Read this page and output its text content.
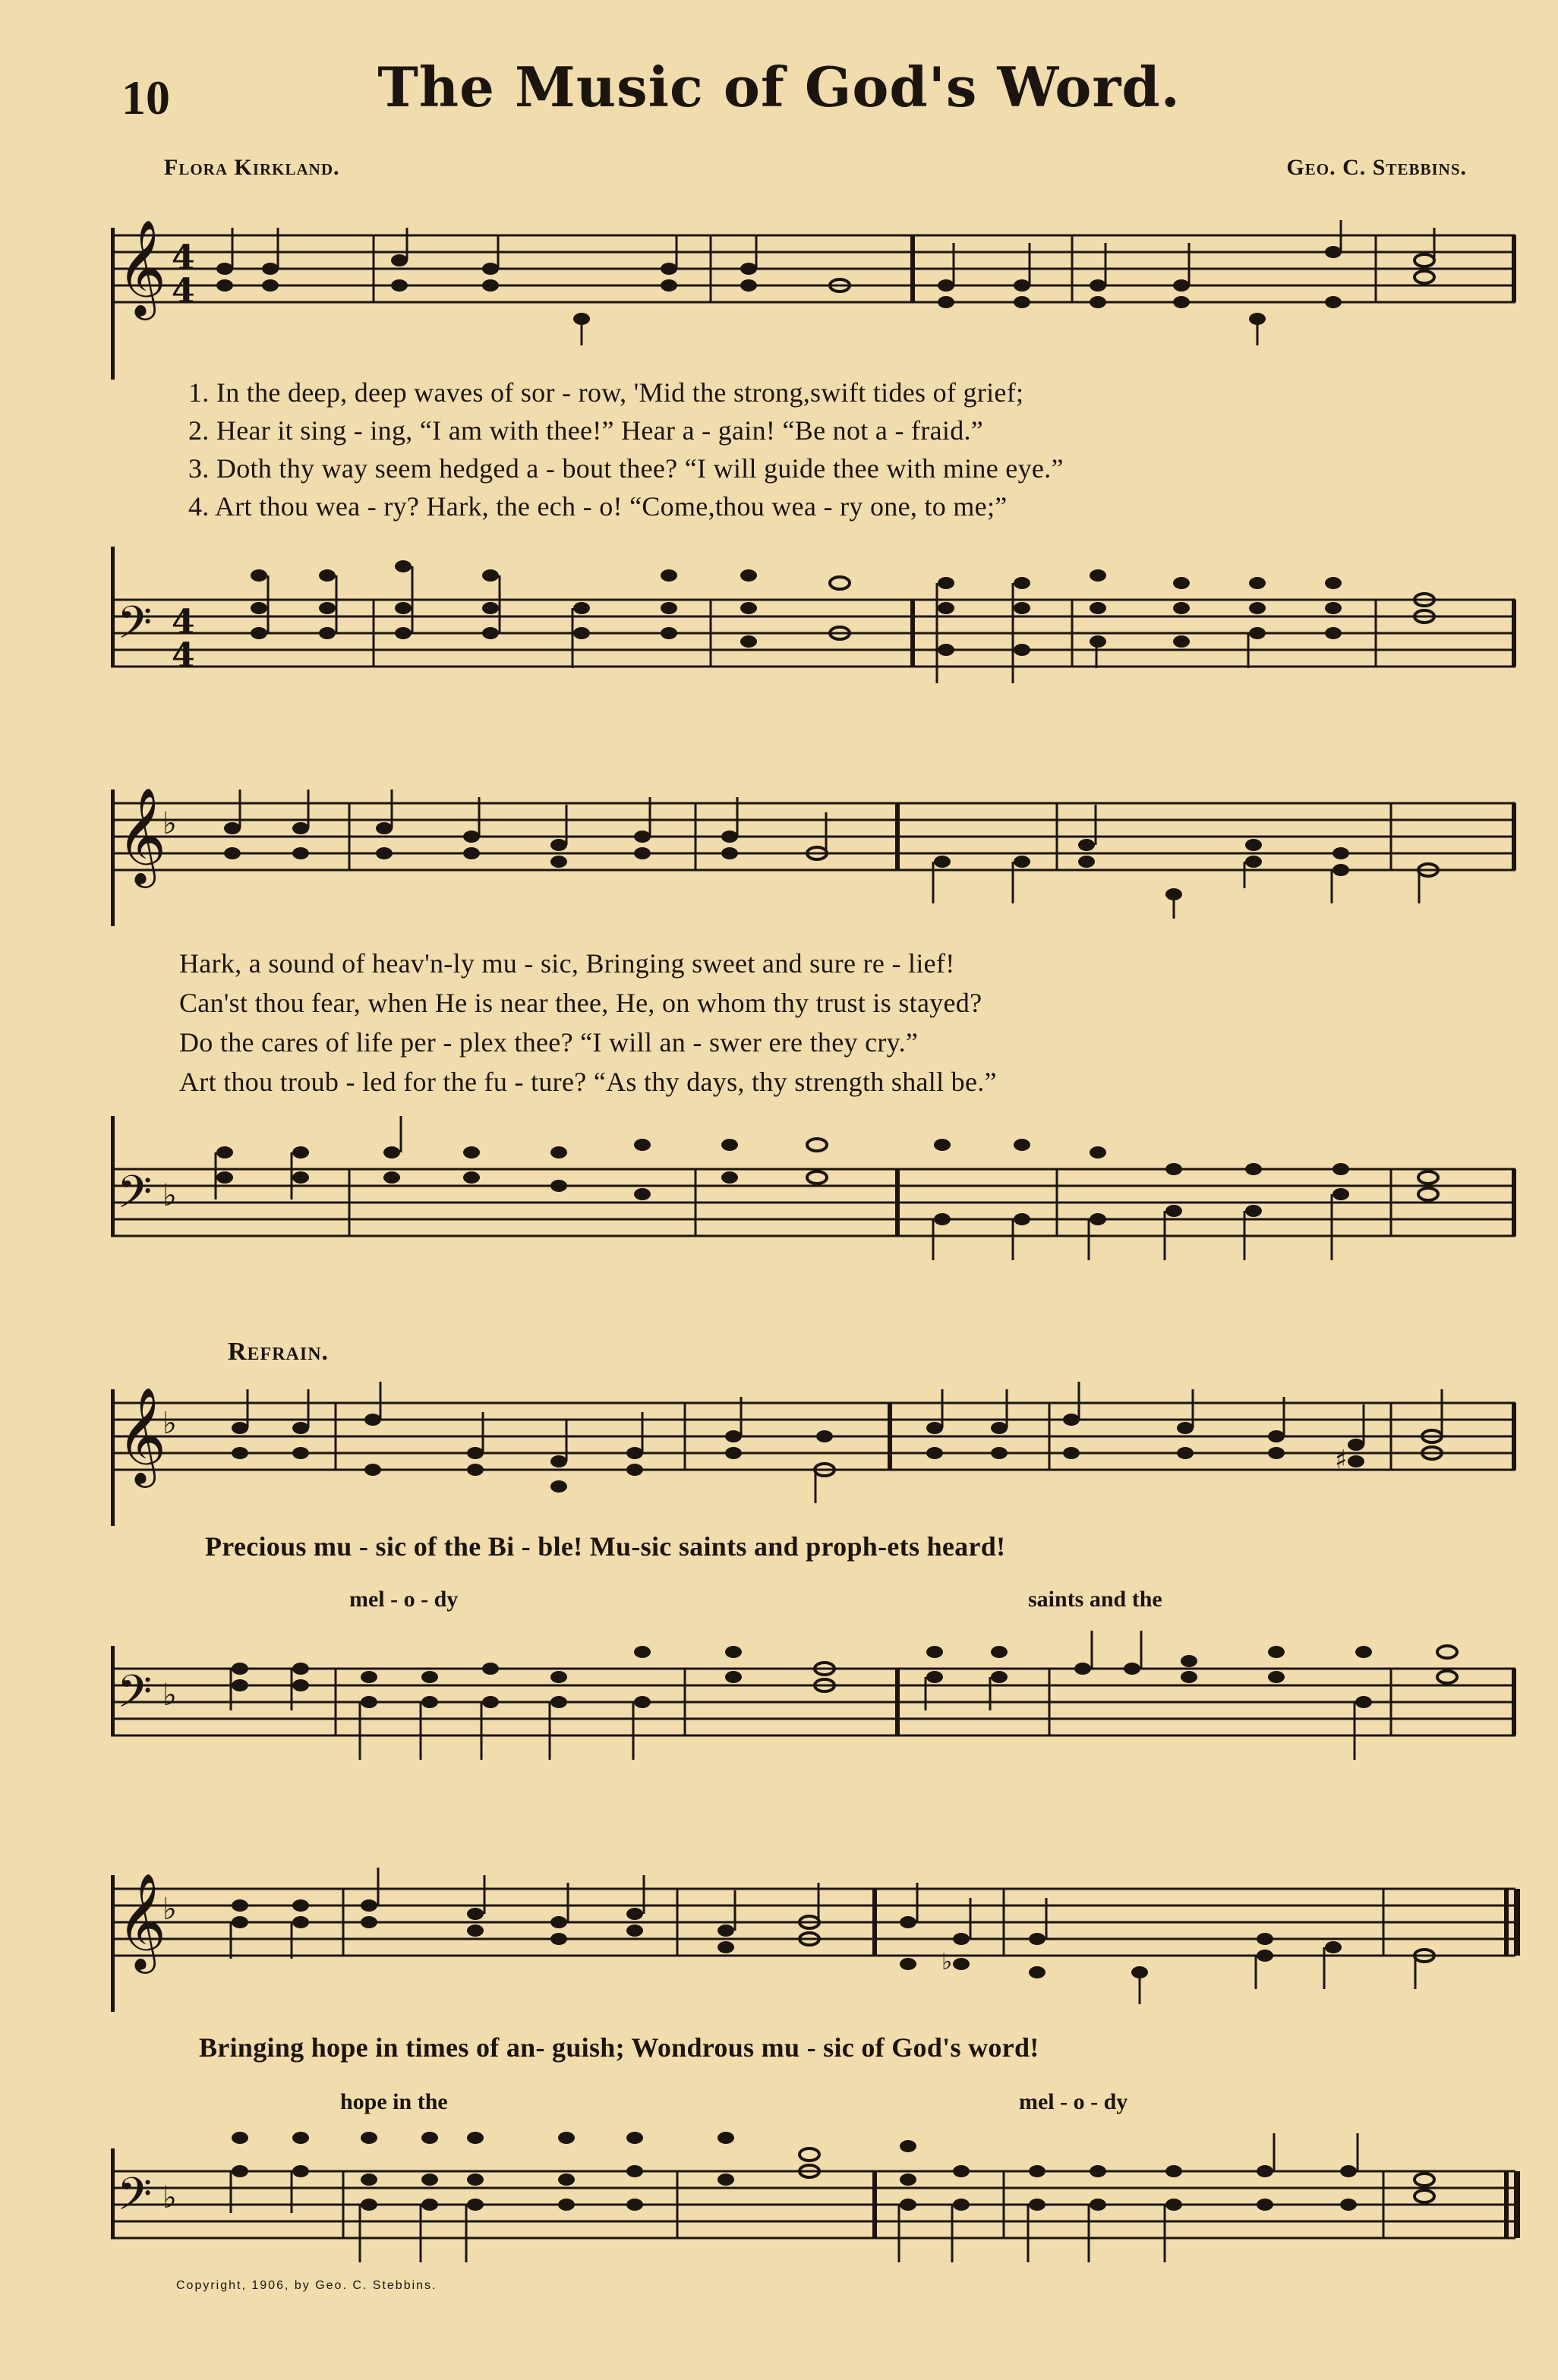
10	The Music of God's Word.
Flora Kirkland.	Geo. C. Stebbins.
𝄞 4
4
1. In the deep, deep waves of sor - row, 'Mid the strong,swift tides of grief;
2. Hear it sing - ing, “I am with thee!” Hear a - gain! “Be not a - fraid.”
3. Doth thy way seem hedged a - bout thee? “I will guide thee with mine eye.”
4. Art thou wea - ry? Hark, the ech - o! “Come,thou wea - ry one, to me;”
𝄢 4
4
𝄞
♭
Hark, a sound of heav'n-ly mu - sic, Bringing sweet and sure re - lief!
Can'st thou fear, when He is near thee, He, on whom thy trust is stayed?
Do the cares of life per - plex thee? “I will an - swer ere they cry.”
Art thou troub - led for the fu - ture? “As thy days, thy strength shall be.”
𝄢 ♭
Refrain.
𝄞
♭
♯
Precious mu - sic of the Bi - ble! Mu-sic saints and proph-ets heard!
mel - o - dy	saints and the
𝄢 ♭
𝄞
♭
♭
Bringing hope in times of an- guish; Wondrous mu - sic of God's word!
hope in the	mel - o - dy
𝄢 ♭
Copyright, 1906, by Geo. C. Stebbins.
